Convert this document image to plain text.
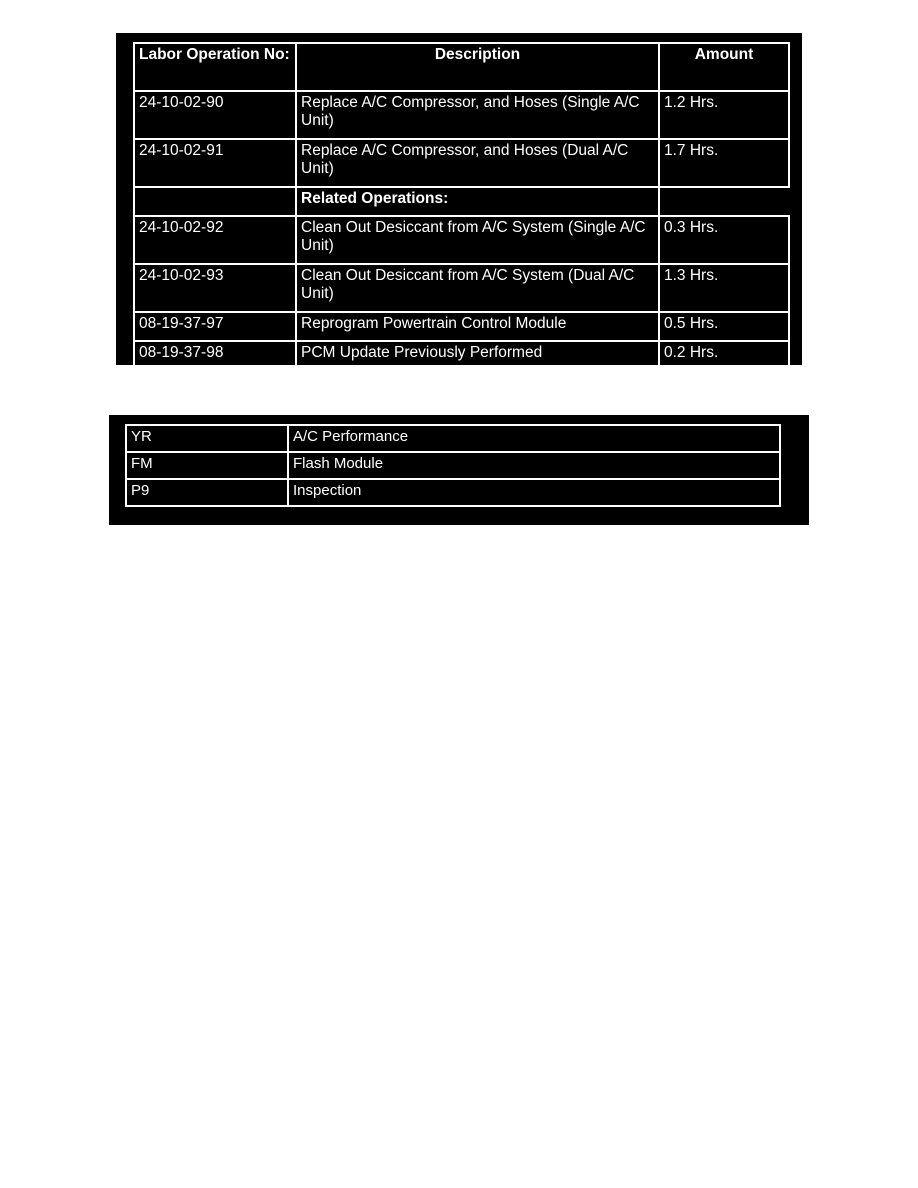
Labor Operation No:	Description	Amount
24-10-02-90	Replace A/C Compressor, and Hoses (Single A/C Unit)	1.2 Hrs.
24-10-02-91	Replace A/C Compressor, and Hoses (Dual A/C Unit)	1.7 Hrs.
	Related Operations:	
24-10-02-92	Clean Out Desiccant from A/C System (Single A/C Unit)	0.3 Hrs.
24-10-02-93	Clean Out Desiccant from A/C System (Dual A/C Unit)	1.3 Hrs.
08-19-37-97	Reprogram Powertrain Control Module	0.5 Hrs.
08-19-37-98	PCM Update Previously Performed	0.2 Hrs.
YR	A/C Performance
FM	Flash Module
P9	Inspection
